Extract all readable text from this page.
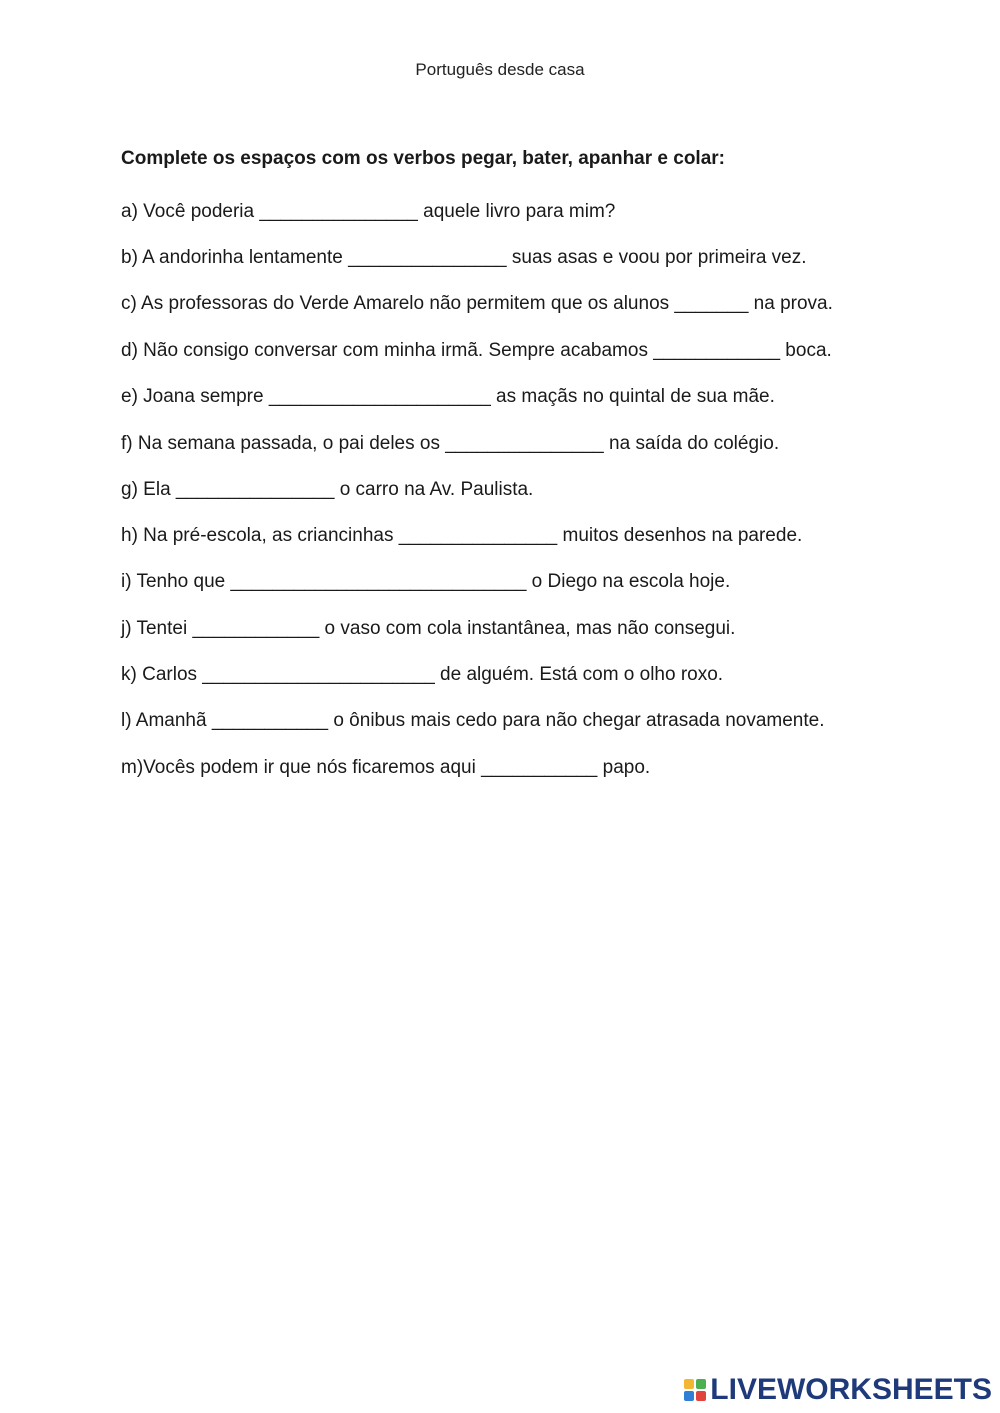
Português desde casa
Complete os espaços com os verbos pegar, bater, apanhar e colar:
a) Você poderia _______________ aquele livro para mim?
b) A andorinha lentamente _______________ suas asas e voou por primeira vez.
c) As professoras do Verde Amarelo não permitem que os alunos _______ na prova.
d) Não consigo conversar com minha irmã. Sempre acabamos ____________ boca.
e) Joana sempre _____________________ as maçãs no quintal de sua mãe.
f) Na semana passada, o pai deles os _______________ na saída do colégio.
g) Ela _______________ o carro na Av. Paulista.
h) Na pré-escola, as criancinhas _______________ muitos desenhos na parede.
i) Tenho que ____________________________ o Diego na escola hoje.
j) Tentei ____________ o vaso com cola instantânea, mas não consegui.
k) Carlos ______________________ de alguém. Está com o olho roxo.
l) Amanhã ___________ o ônibus mais cedo para não chegar atrasada novamente.
m)Vocês podem ir que nós ficaremos aqui ___________ papo.
LIVEWORKSHEETS
